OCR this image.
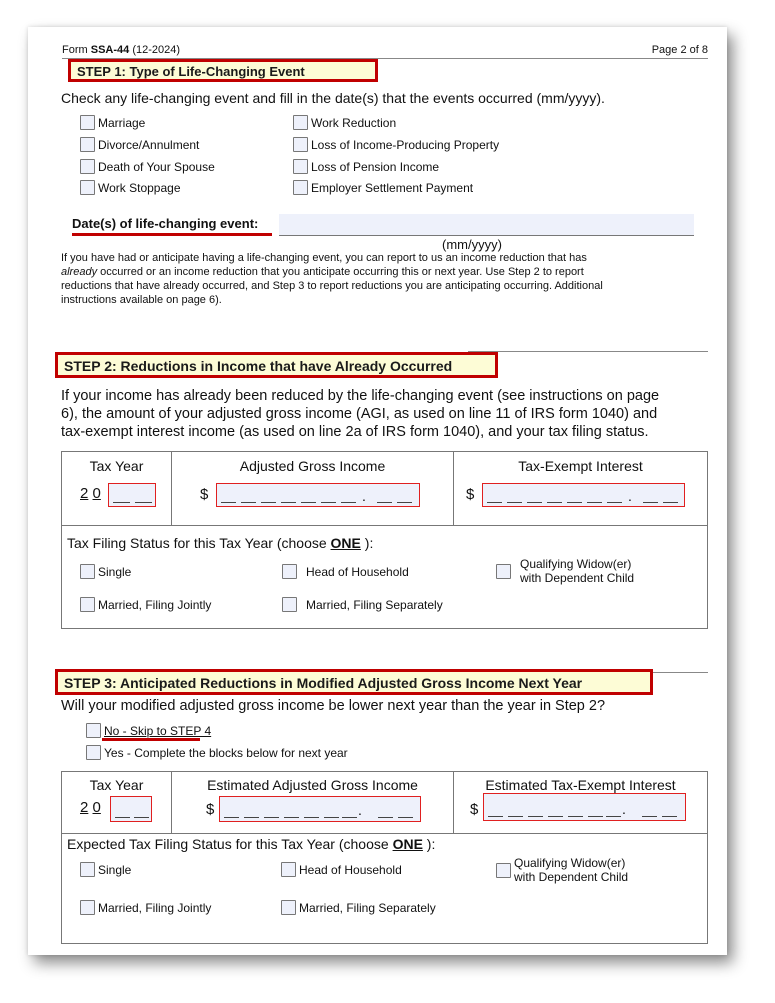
Form SSA-44 (12-2024)	Page 2 of 8
STEP 1: Type of Life-Changing Event
Check any life-changing event and fill in the date(s) that the events occurred (mm/yyyy).
Marriage
Divorce/Annulment
Death of Your Spouse
Work Stoppage
Work Reduction
Loss of Income-Producing Property
Loss of Pension Income
Employer Settlement Payment
Date(s) of life-changing event:
(mm/yyyy)
If you have had or anticipate having a life-changing event, you can report to us an income reduction that has
already occurred or an income reduction that you anticipate occurring this or next year. Use Step 2 to report
reductions that have already occurred, and Step 3 to report reductions you are anticipating occurring. Additional
instructions available on page 6).
STEP 2: Reductions in Income that have Already Occurred
If your income has already been reduced by the life-changing event (see instructions on page
6), the amount of your adjusted gross income (AGI, as used on line 11 of IRS form 1040) and
tax-exempt interest income (as used on line 2a of IRS form 1040), and your tax filing status.
Tax Year	Adjusted Gross Income	Tax-Exempt Interest
2 0	$	.	$	.
Tax Filing Status for this Tax Year (choose ONE ):
Single	Head of Household
Qualifying Widow(er)
with Dependent Child
Married, Filing Jointly	Married, Filing Separately
STEP 3: Anticipated Reductions in Modified Adjusted Gross Income Next Year
Will your modified adjusted gross income be lower next year than the year in Step 2?
No - Skip to STEP 4
Yes - Complete the blocks below for next year
Tax Year	Estimated Adjusted Gross Income	Estimated Tax-Exempt Interest
2 0	$	.	$	.
Expected Tax Filing Status for this Tax Year (choose ONE ):
Single	Head of Household	Qualifying Widow(er)
with Dependent Child
Married, Filing Jointly	Married, Filing Separately
